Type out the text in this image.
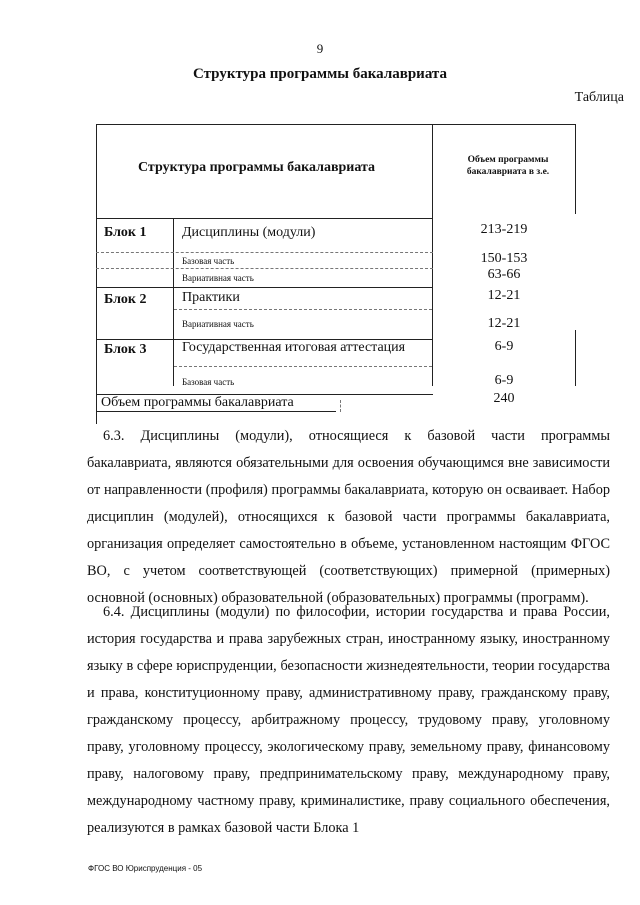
9
Структура программы бакалавриата
Таблица
Структура программы бакалавриата	Объем программы бакалавриата в з.е.
Блок 1	Дисциплины (модули)	213-219
Базовая часть	150-153
Вариативная часть	63-66
Блок 2	Практики	12-21
Вариативная часть	12-21
Блок 3	Государственная итоговая аттестация	6-9
Базовая часть	6-9
Объем программы бакалавриата	240

6.3. Дисциплины (модули), относящиеся к базовой части программы бакалавриата, являются обязательными для освоения обучающимся вне зависимости от направленности (профиля) программы бакалавриата, которую он осваивает. Набор дисциплин (модулей), относящихся к базовой части программы бакалавриата, организация определяет самостоятельно в объеме, установленном настоящим ФГОС ВО, с учетом соответствующей (соответствующих) примерной (примерных) основной (основных) образовательной (образовательных) программы (программ).

6.4. Дисциплины (модули) по философии, истории государства и права России, история государства и права зарубежных стран, иностранному языку, иностранному языку в сфере юриспруденции, безопасности жизнедеятельности, теории государства и права, конституционному праву, административному праву, гражданскому праву, гражданскому процессу, арбитражному процессу, трудовому праву, уголовному праву, уголовному процессу, экологическому праву, земельному праву, финансовому праву, налоговому праву, предпринимательскому праву, международному праву, международному частному праву, криминалистике, праву социального обеспечения, реализуются в рамках базовой части Блока 1

ФГОС ВО Юриспруденция - 05
